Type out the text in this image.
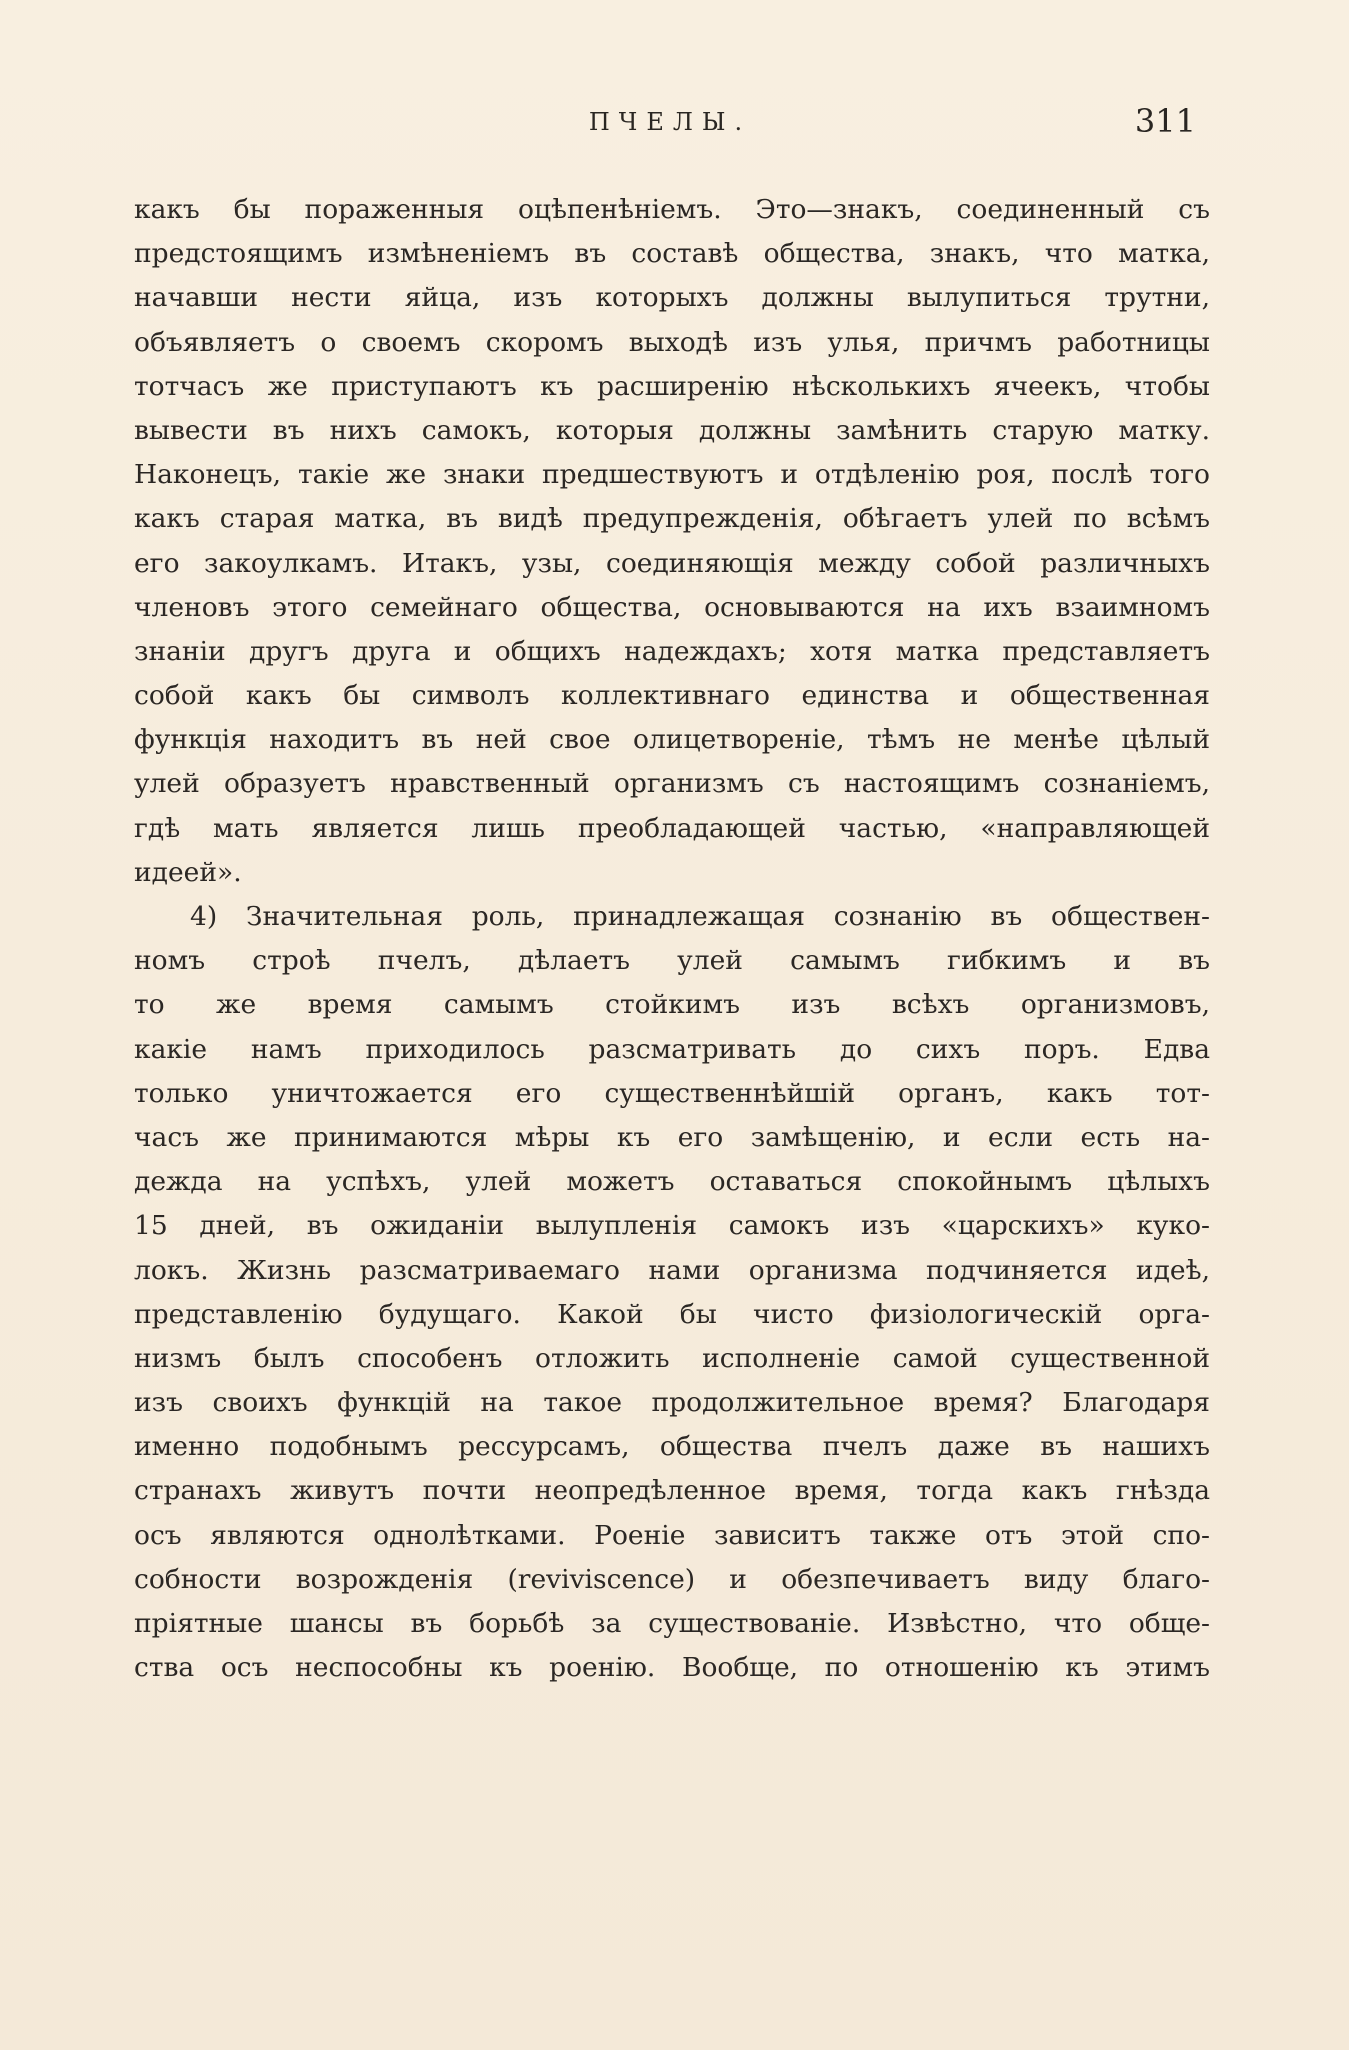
ПЧЕЛЫ.	311
какъ бы пораженныя оцѣпенѣнiемъ. Это—знакъ, соединенный съ
предстоящимъ измѣненiемъ въ составѣ общества, знакъ, что матка,
начавши нести яйца, изъ которыхъ должны вылупиться трутни,
объявляетъ о своемъ скоромъ выходѣ изъ улья, причмъ работницы
тотчасъ же приступаютъ къ расширенiю нѣсколькихъ ячеекъ, чтобы
вывести въ нихъ самокъ, которыя должны замѣнить старую матку.
Наконецъ, такiе же знаки предшествуютъ и отдѣленiю роя, послѣ того
какъ старая матка, въ видѣ предупрежденiя, обѣгаетъ улей по всѣмъ
его закоулкамъ. Итакъ, узы, соединяющiя между собой различныхъ
членовъ этого семейнаго общества, основываются на ихъ взаимномъ
знанiи другъ друга и общихъ надеждахъ; хотя матка представляетъ
собой какъ бы символъ коллективнаго единства и общественная
функцiя находитъ въ ней свое олицетворенiе, тѣмъ не менѣе цѣлый
улей образуетъ нравственный организмъ съ настоящимъ сознанiемъ,
гдѣ мать является лишь преобладающей частью, «направляющей
идеей».
4) Значительная роль, принадлежащая сознанiю въ обществен-
номъ строѣ пчелъ, дѣлаетъ улей самымъ гибкимъ и въ
то же время самымъ стойкимъ изъ всѣхъ организмовъ,
какiе намъ приходилось разсматривать до сихъ поръ. Едва
только уничтожается его существеннѣйшiй органъ, какъ тот-
часъ же принимаются мѣры къ его замѣщенiю, и если есть на-
дежда на успѣхъ, улей можетъ оставаться спокойнымъ цѣлыхъ
15 дней, въ ожиданiи вылупленiя самокъ изъ «царскихъ» куко-
локъ. Жизнь разсматриваемаго нами организма подчиняется идеѣ,
представленiю будущаго. Какой бы чисто физiологическiй орга-
низмъ былъ способенъ отложить исполненiе самой существенной
изъ своихъ функцiй на такое продолжительное время? Благодаря
именно подобнымъ рессурсамъ, общества пчелъ даже въ нашихъ
странахъ живутъ почти неопредѣленное время, тогда какъ гнѣзда
осъ являются однолѣтками. Роенiе зависитъ также отъ этой спо-
собности возрожденiя (reviviscence) и обезпечиваетъ виду благо-
прiятные шансы въ борьбѣ за существованiе. Извѣстно, что обще-
ства осъ неспособны къ роенiю. Вообще, по отношенiю къ этимъ
